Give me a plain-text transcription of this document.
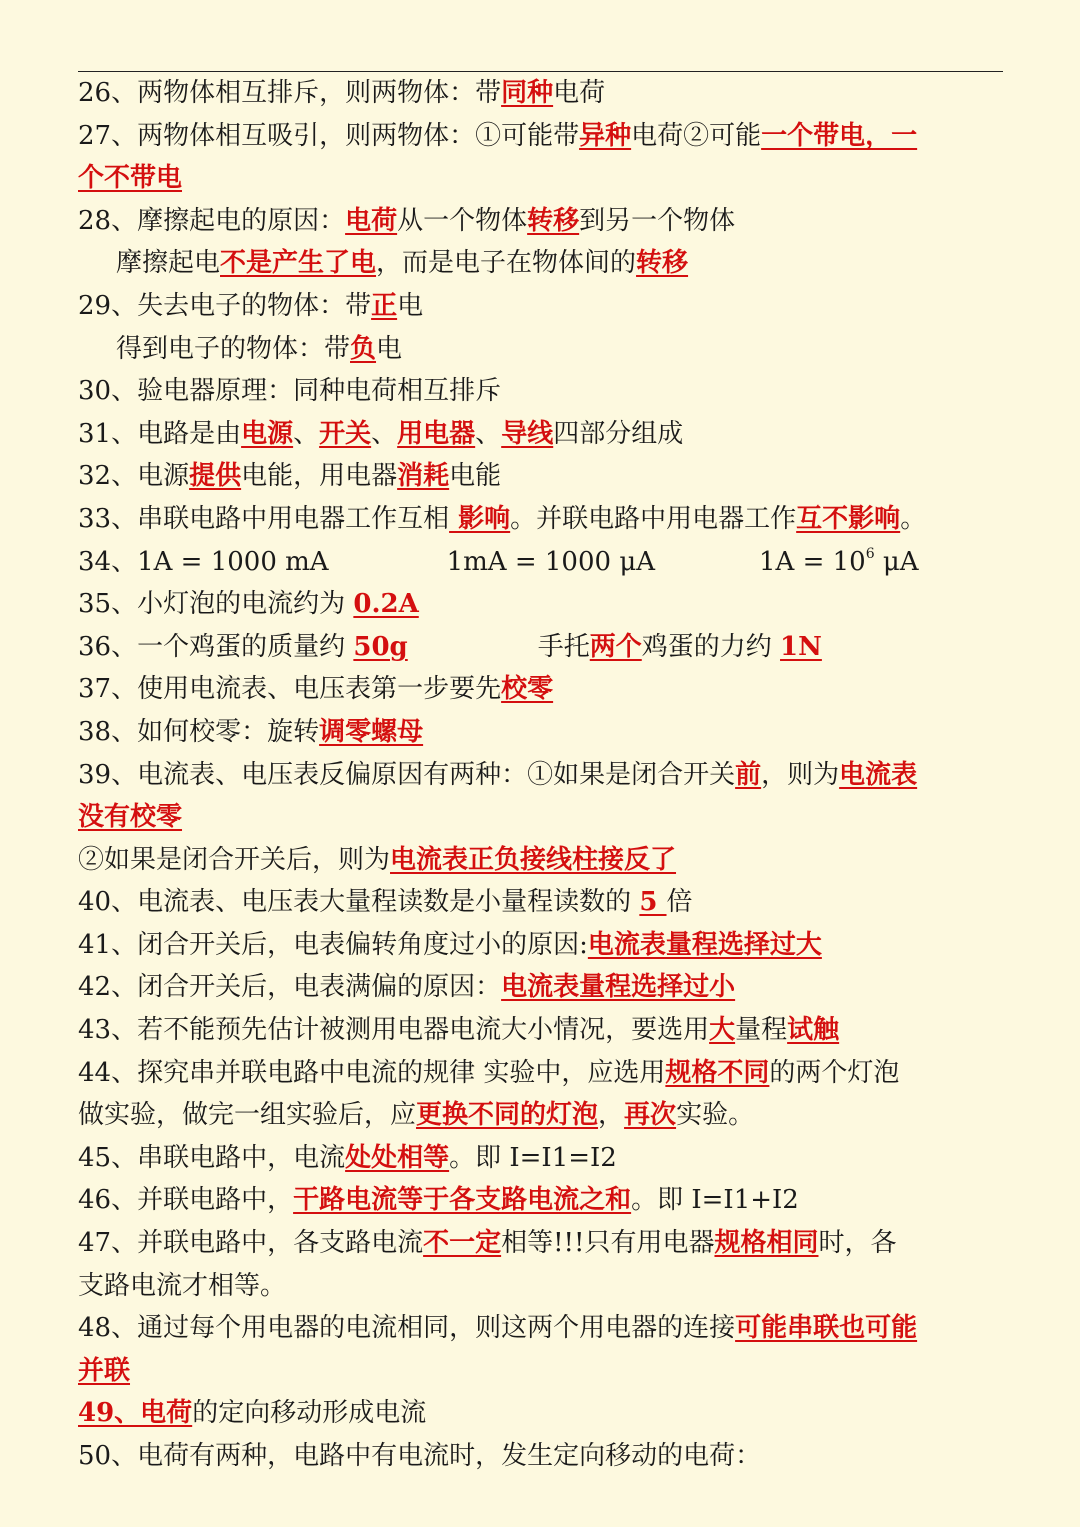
26、两物体相互排斥，则两物体：带同种电荷
27、两物体相互吸引，则两物体：①可能带异种电荷②可能一个带电，一
个不带电
28、摩擦起电的原因：电荷从一个物体转移到另一个物体
摩擦起电不是产生了电，而是电子在物体间的转移
29、失去电子的物体：带正电
得到电子的物体：带负电
30、验电器原理：同种电荷相互排斥
31、电路是由电源、开关、用电器、导线四部分组成
32、电源提供电能，用电器消耗电能
33、串联电路中用电器工作互相 影响。并联电路中用电器工作互不影响。
34、1A = 1000 mA	1mA = 1000 μA	$1A = 10^6$ μA
35、小灯泡的电流约为 0.2A
36、一个鸡蛋的质量约 50g	手托两个鸡蛋的力约 1N
37、使用电流表、电压表第一步要先校零
38、如何校零：旋转调零螺母
39、电流表、电压表反偏原因有两种：①如果是闭合开关前，则为电流表
没有校零
②如果是闭合开关后，则为电流表正负接线柱接反了
40、电流表、电压表大量程读数是小量程读数的 5 倍
41、闭合开关后，电表偏转角度过小的原因:电流表量程选择过大
42、闭合开关后，电表满偏的原因：电流表量程选择过小
43、若不能预先估计被测用电器电流大小情况，要选用大量程试触
44、探究串并联电路中电流的规律 实验中，应选用规格不同的两个灯泡
做实验，做完一组实验后，应更换不同的灯泡，再次实验。
45、串联电路中，电流处处相等。即 I=I1=I2
46、并联电路中，干路电流等于各支路电流之和。即 I=I1+I2
47、并联电路中，各支路电流不一定相等!!!只有用电器规格相同时，各
支路电流才相等。
48、通过每个用电器的电流相同，则这两个用电器的连接可能串联也可能
并联
49、电荷的定向移动形成电流
50、电荷有两种，电路中有电流时，发生定向移动的电荷：
